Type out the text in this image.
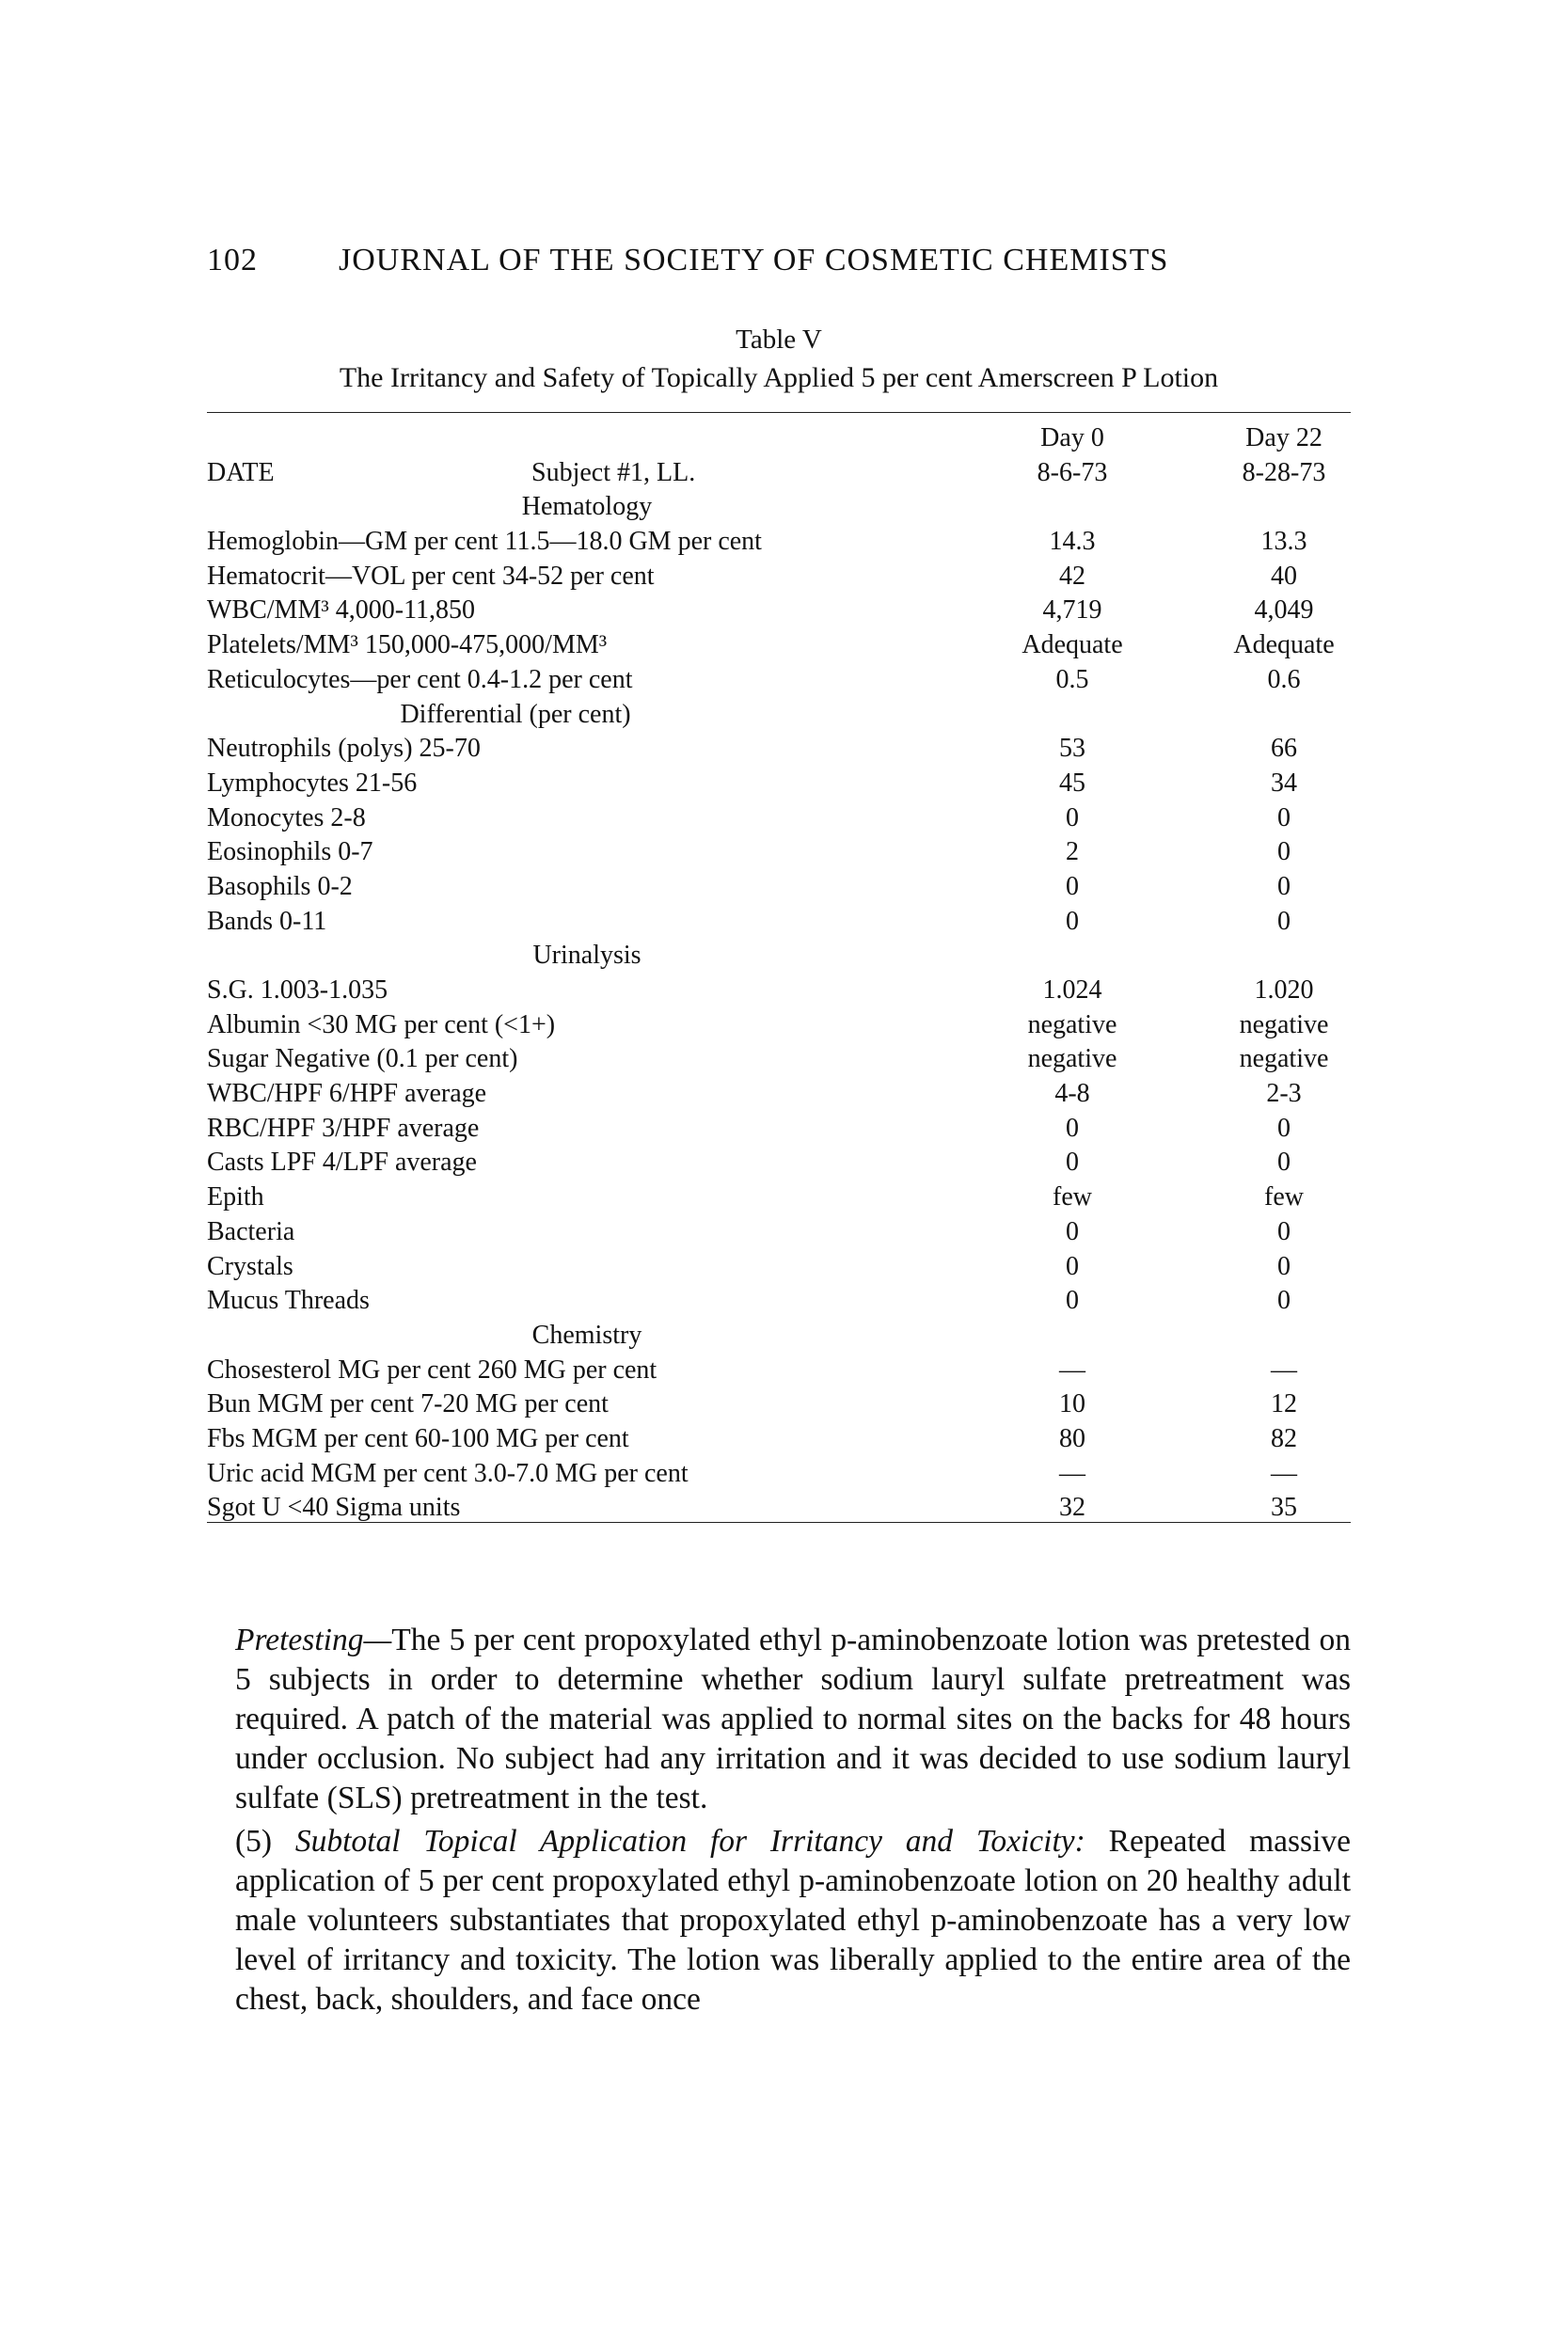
102	JOURNAL OF THE SOCIETY OF COSMETIC CHEMISTS
Table V
The Irritancy and Safety of Topically Applied 5 per cent Amerscreen P Lotion
Day 0	Day 22
DATE	Subject #1, LL.	8-6-73	8-28-73
Hematology
Hemoglobin—GM per cent 11.5—18.0 GM per cent	14.3	13.3
Hematocrit—VOL per cent 34-52 per cent	42	40
WBC/MM³ 4,000-11,850	4,719	4,049
Platelets/MM³ 150,000-475,000/MM³	Adequate	Adequate
Reticulocytes—per cent 0.4-1.2 per cent	0.5	0.6
Differential (per cent)
Neutrophils (polys) 25-70	53	66
Lymphocytes 21-56	45	34
Monocytes 2-8	0	0
Eosinophils 0-7	2	0
Basophils 0-2	0	0
Bands 0-11	0	0
Urinalysis
S.G. 1.003-1.035	1.024	1.020
Albumin <30 MG per cent (<1+)	negative	negative
Sugar Negative (0.1 per cent)	negative	negative
WBC/HPF 6/HPF average	4-8	2-3
RBC/HPF 3/HPF average	0	0
Casts LPF 4/LPF average	0	0
Epith	few	few
Bacteria	0	0
Crystals	0	0
Mucus Threads	0	0
Chemistry
Chosesterol MG per cent 260 MG per cent	—	—
Bun MGM per cent 7-20 MG per cent	10	12
Fbs MGM per cent 60-100 MG per cent	80	82
Uric acid MGM per cent 3.0-7.0 MG per cent	—	—
Sgot U <40 Sigma units	32	35

Pretesting—The 5 per cent propoxylated ethyl p-aminobenzoate lotion was pretested on 5 subjects in order to determine whether sodium lauryl sulfate pretreatment was required. A patch of the material was applied to normal sites on the backs for 48 hours under occlusion. No subject had any irritation and it was decided to use sodium lauryl sulfate (SLS) pretreatment in the test.

(5) Subtotal Topical Application for Irritancy and Toxicity: Repeated massive application of 5 per cent propoxylated ethyl p-aminobenzoate lotion on 20 healthy adult male volunteers substantiates that propoxylated ethyl p-aminobenzoate has a very low level of irritancy and toxicity. The lotion was liberally applied to the entire area of the chest, back, shoulders, and face once
